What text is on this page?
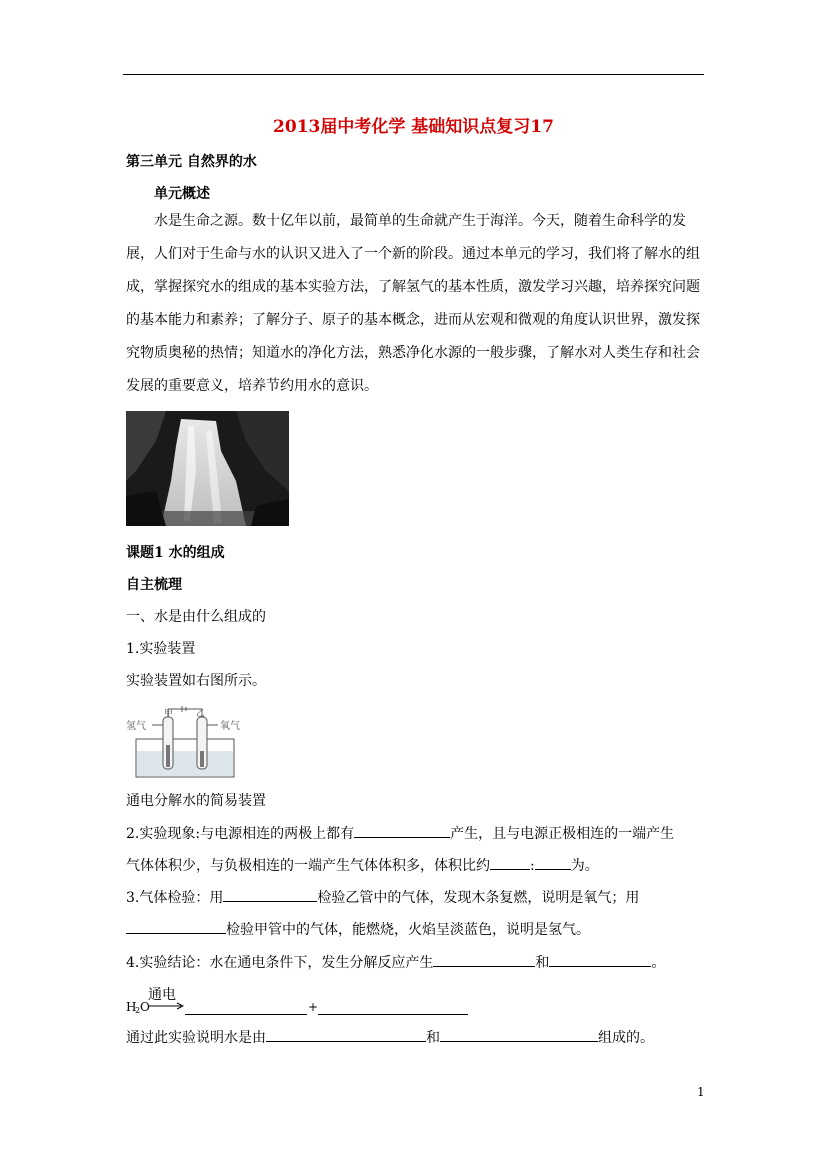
2013届中考化学 基础知识点复习17
第三单元 自然界的水
单元概述
水是生命之源。数十亿年以前，最简单的生命就产生于海洋。今天，随着生命科学的发展，人们对于生命与水的认识又进入了一个新的阶段。通过本单元的学习，我们将了解水的组成，掌握探究水的组成的基本实验方法，了解氢气的基本性质，激发学习兴趣，培养探究问题的基本能力和素养；了解分子、原子的基本概念，进而从宏观和微观的角度认识世界，激发探究物质奥秘的热情；知道水的净化方法，熟悉净化水源的一般步骤，了解水对人类生存和社会发展的重要意义，培养节约用水的意识。
课题1 水的组成
自主梳理
一、水是由什么组成的
1.实验装置
实验装置如右图所示。
氢气	氧气
甲	乙
通电分解水的简易装置
2.实验现象:与电源相连的两极上都有	产生，且与电源正极相连的一端产生
气体体积少，与负极相连的一端产生气体体积多，体积比约	:	为。
3.气体检验：用	检验乙管中的气体，发现木条复燃，说明是氧气；用
检验甲管中的气体，能燃烧，火焰呈淡蓝色，说明是氢气。
4.实验结论：水在通电条件下，发生分解反应产生	和	。
H
2 O
通电
+
通过此实验说明水是由	和	组成的。
1
